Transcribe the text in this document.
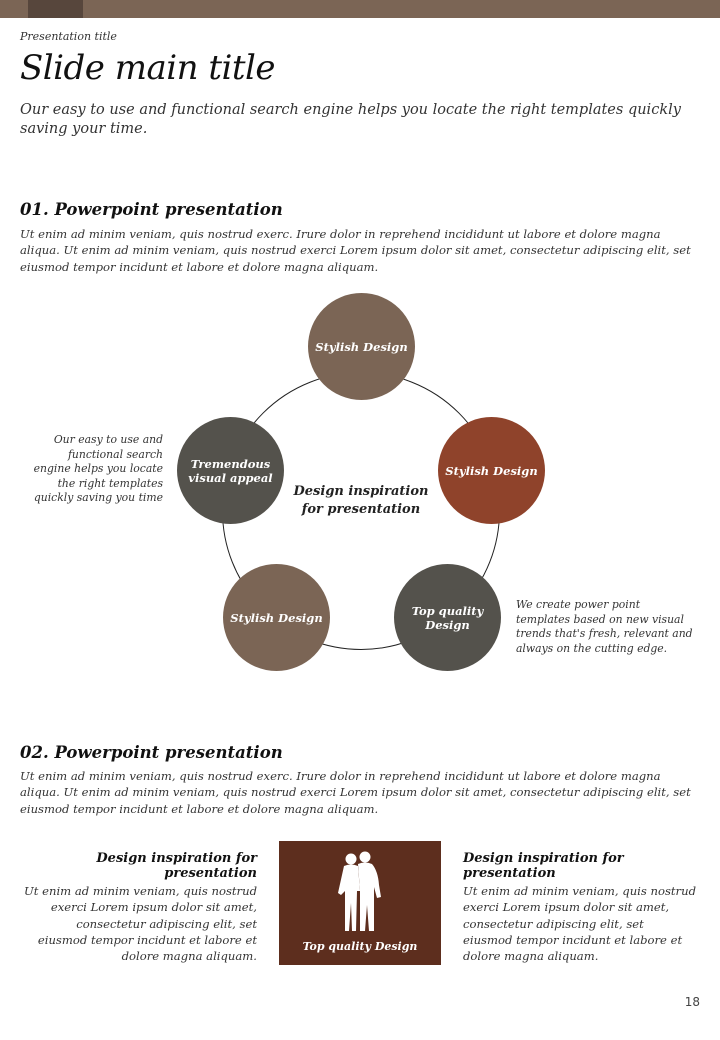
Presentation title
Slide main title
Our easy to use and functional search engine helps you locate the right templates quickly saving your time.
01. Powerpoint presentation
Ut enim ad minim veniam, quis nostrud exerc. Irure dolor in reprehend incididunt ut labore et dolore magna aliqua. Ut enim ad minim veniam, quis nostrud exerci Lorem ipsum dolor sit amet, consectetur adipiscing elit, set eiusmod tempor incidunt et labore et dolore magna aliquam.
Stylish Design
Stylish Design
Top quality Design
Stylish Design
Tremendous visual appeal
Design inspiration for presentation
Our easy to use and functional search engine helps you locate the right templates quickly saving you time
We create power point templates based on new visual trends that's fresh, relevant and always on the cutting edge.
02. Powerpoint presentation
Ut enim ad minim veniam, quis nostrud exerc. Irure dolor in reprehend incididunt ut labore et dolore magna aliqua. Ut enim ad minim veniam, quis nostrud exerci Lorem ipsum dolor sit amet, consectetur adipiscing elit, set eiusmod tempor incidunt et labore et dolore magna aliquam.
Design inspiration for presentation
Ut enim ad minim veniam, quis nostrud exerci Lorem ipsum dolor sit amet, consectetur adipiscing elit, set eiusmod tempor incidunt et labore et dolore magna aliquam.
Top quality Design
Design inspiration for presentation
Ut enim ad minim veniam, quis nostrud exerci Lorem ipsum dolor sit amet, consectetur adipiscing elit, set eiusmod tempor incidunt et labore et dolore magna aliquam.
18
